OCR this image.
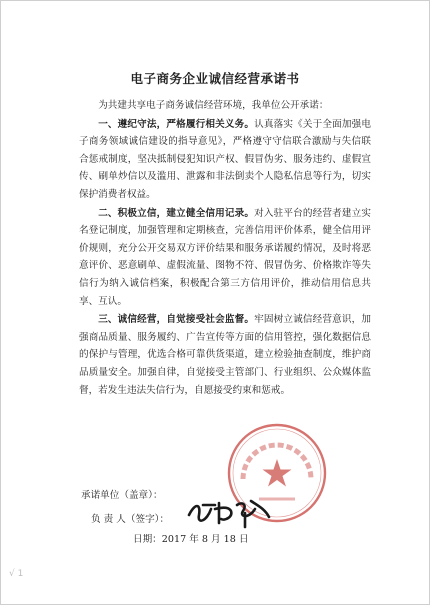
电子商务企业诚信经营承诺书

为共建共享电子商务诚信经营环境，我单位公开承诺：

一、遵纪守法，严格履行相关义务。认真落实《关于全面加强电子商务领域诚信建设的指导意见》，严格遵守守信联合激励与失信联合惩戒制度，坚决抵制侵犯知识产权、假冒伪劣、服务违约、虚假宣传、刷单炒信以及滥用、泄露和非法倒卖个人隐私信息等行为，切实保护消费者权益。

二、积极立信，建立健全信用记录。对入驻平台的经营者建立实名登记制度，加强管理和定期核查，完善信用评价体系，健全信用评价规则，充分公开交易双方评价结果和服务承诺履约情况，及时将恶意评价、恶意刷单、虚假流量、图物不符、假冒伪劣、价格欺诈等失信行为纳入诚信档案，积极配合第三方信用评价，推动信用信息共享、互认。

三、诚信经营，自觉接受社会监督。牢固树立诚信经营意识，加强商品质量、服务履约、广告宣传等方面的信用管控，强化数据信息的保护与管理，优选合格可靠供货渠道，建立检验抽查制度，维护商品质量安全。加强自律，自觉接受主管部门、行业组织、公众媒体监督，若发生违法失信行为，自愿接受约束和惩戒。

承诺单位（盖章）：
负 责 人（签字）：
日期：2017 年 8 月 18 日
√ 1
